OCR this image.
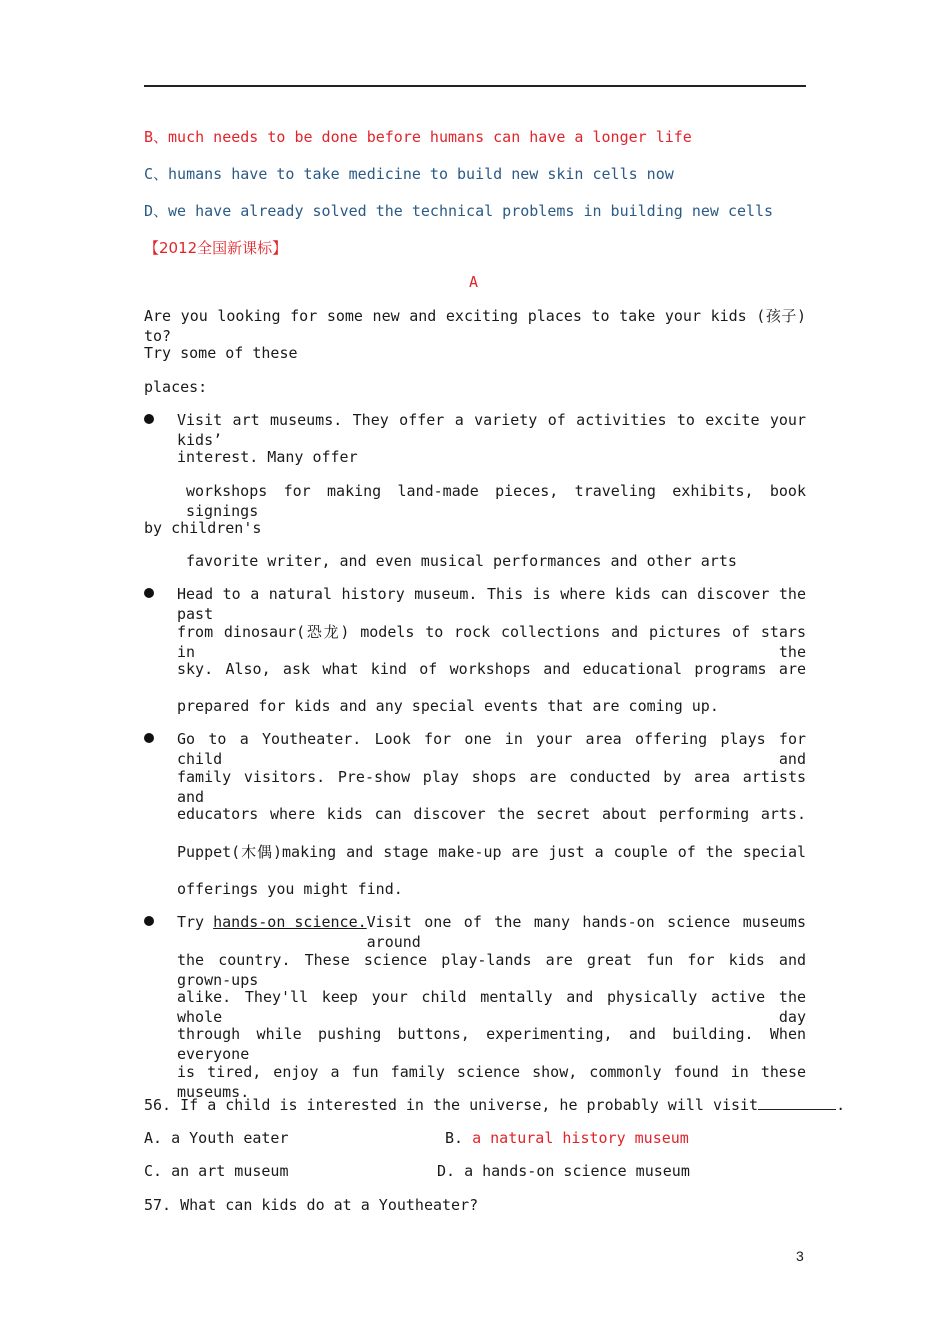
B、much needs to be done before humans can have a longer life
C、humans have to take medicine to build new skin cells now
D、we have already solved the technical problems in building new cells
【2012全国新课标】
A
Are you looking for some new and exciting places to take your kids (孩子) to?
Try some of these
places:
Visit art museums. They offer a variety of activities to excite your kids’
interest. Many offer
workshops for making land-made pieces, traveling exhibits, book signings
by children's
favorite writer, and even musical performances and other arts
Head to a natural history museum. This is where kids can discover the past
from dinosaur(恐龙) models to rock collections and pictures of stars in the
sky. Also, ask what kind of workshops and educational programs are
prepared for kids and any special events that are coming up.
Go to a Youtheater. Look for one in your area offering plays for child and
family visitors. Pre-show play shops are conducted by area artists and
educators where kids can discover the secret about performing arts.
Puppet(木偶)making and stage make-up are just a couple of the special
offerings you might find.
Try hands-on science. Visit one of the many hands-on science museums around
the country. These science play-lands are great fun for kids and grown-ups
alike. They'll keep your child mentally and physically active the whole day
through while pushing buttons, experimenting, and building. When everyone
is tired, enjoy a fun family science show, commonly found in these museums.
56. If a child is interested in the universe, he probably will visit	.
A. a Youth eater	B. a natural history museum
C. an art museum	D. a hands-on science museum
57. What can kids do at a Youtheater?
3
